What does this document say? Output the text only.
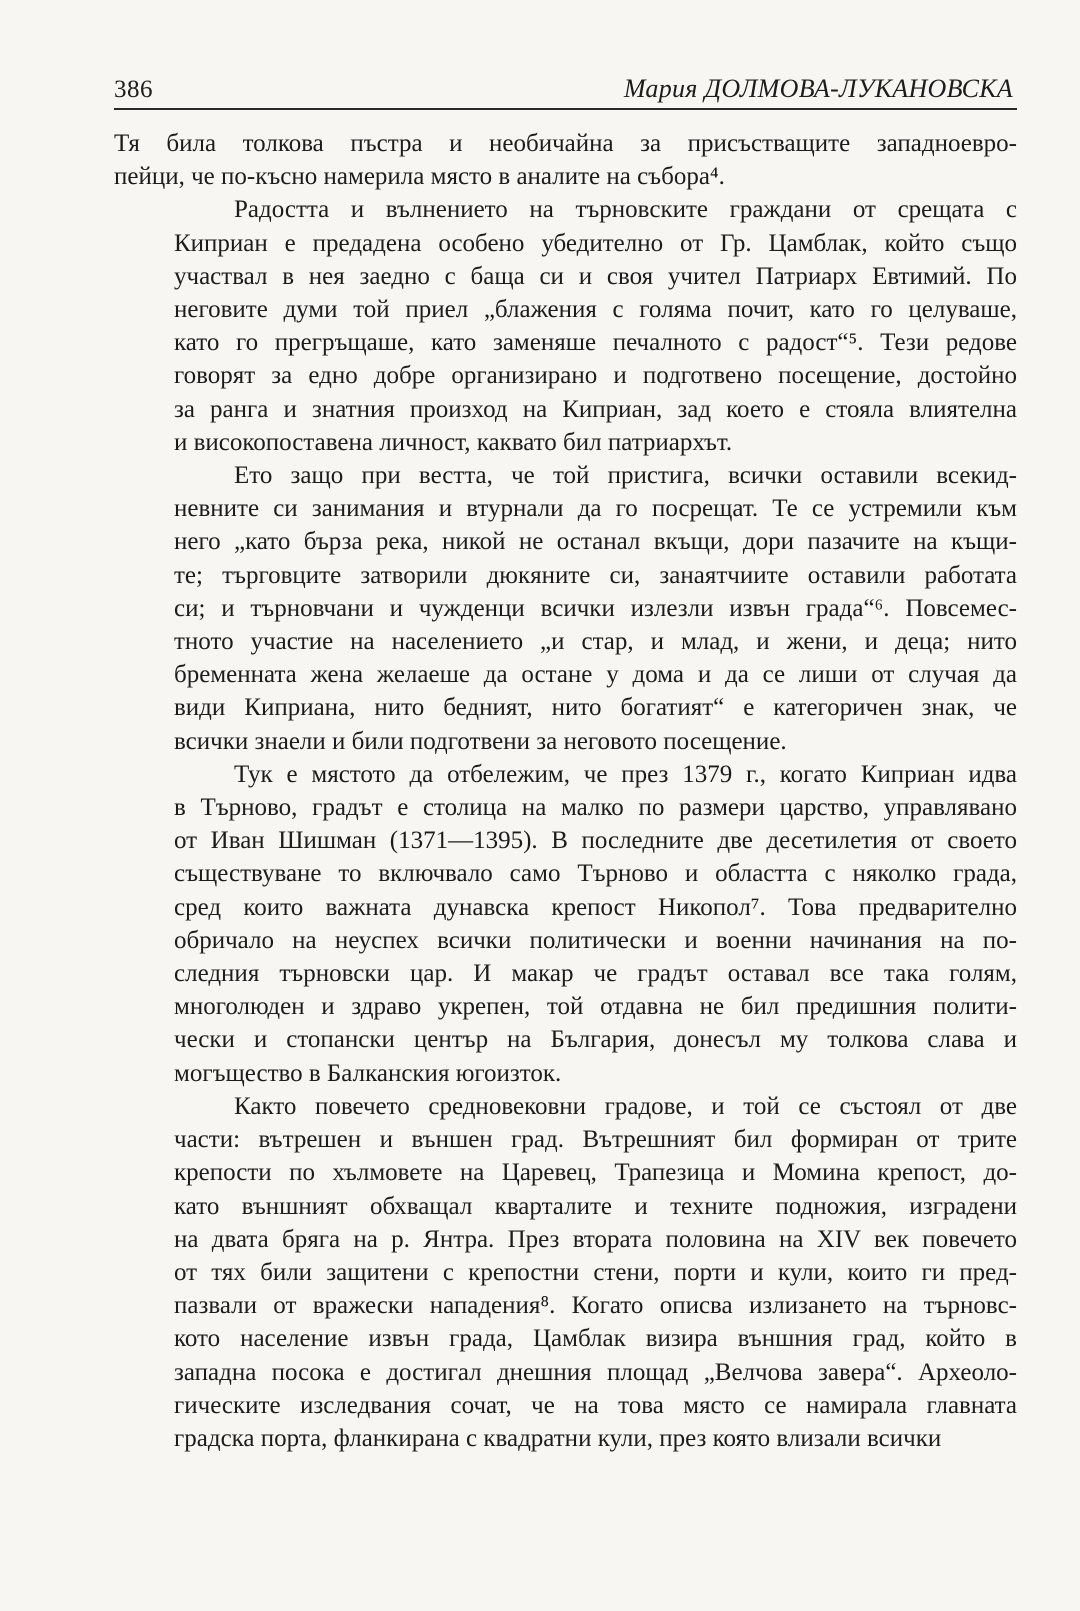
386	Мария ДОЛМОВА-ЛУКАНОВСКА
Тя била толкова пъстра и необичайна за присъстващите западноевро-
пейци, че по-късно намерила място в аналите на събора⁴.
Радостта и вълнението на търновските граждани от срещата с
Киприан е предадена особено убедително от Гр. Цамблак, който също
участвал в нея заедно с баща си и своя учител Патриарх Евтимий. По
неговите думи той приел „блажения с голяма почит, като го целуваше,
като го прегръщаше, като заменяше печалното с радост“⁵. Тези редове
говорят за едно добре организирано и подготвено посещение, достойно
за ранга и знатния произход на Киприан, зад което е стояла влиятелна
и високопоставена личност, каквато бил патриархът.
Ето защо при вестта, че той пристига, всички оставили всекид-
невните си занимания и втурнали да го посрещат. Те се устремили към
него „като бърза река, никой не останал вкъщи, дори пазачите на къщи-
те; търговците затворили дюкяните си, занаятчиите оставили работата
си; и търновчани и чужденци всички излезли извън града“⁶. Повсемес-
тното участие на населението „и стар, и млад, и жени, и деца; нито
бременната жена желаеше да остане у дома и да се лиши от случая да
види Киприана, нито бедният, нито богатият“ е категоричен знак, че
всички знаели и били подготвени за неговото посещение.
Тук е мястото да отбележим, че през 1379 г., когато Киприан идва
в Търново, градът е столица на малко по размери царство, управлявано
от Иван Шишман (1371—1395). В последните две десетилетия от своето
съществуване то включвало само Търново и областта с няколко града,
сред които важната дунавска крепост Никопол⁷. Това предварително
обричало на неуспех всички политически и военни начинания на по-
следния търновски цар. И макар че градът оставал все така голям,
многолюден и здраво укрепен, той отдавна не бил предишния полити-
чески и стопански център на България, донесъл му толкова слава и
могъщество в Балканския югоизток.
Както повечето средновековни градове, и той се състоял от две
части: вътрешен и външен град. Вътрешният бил формиран от трите
крепости по хълмовете на Царевец, Трапезица и Момина крепост, до-
като външният обхващал кварталите и техните подножия, изградени
на двата бряга на р. Янтра. През втората половина на XIV век повечето
от тях били защитени с крепостни стени, порти и кули, които ги пред-
пазвали от вражески нападения⁸. Когато описва излизането на търновс-
кото население извън града, Цамблак визира външния град, който в
западна посока е достигал днешния площад „Велчова завера“. Археоло-
гическите изследвания сочат, че на това място се намирала главната
градска порта, фланкирана с квадратни кули, през която влизали всички
